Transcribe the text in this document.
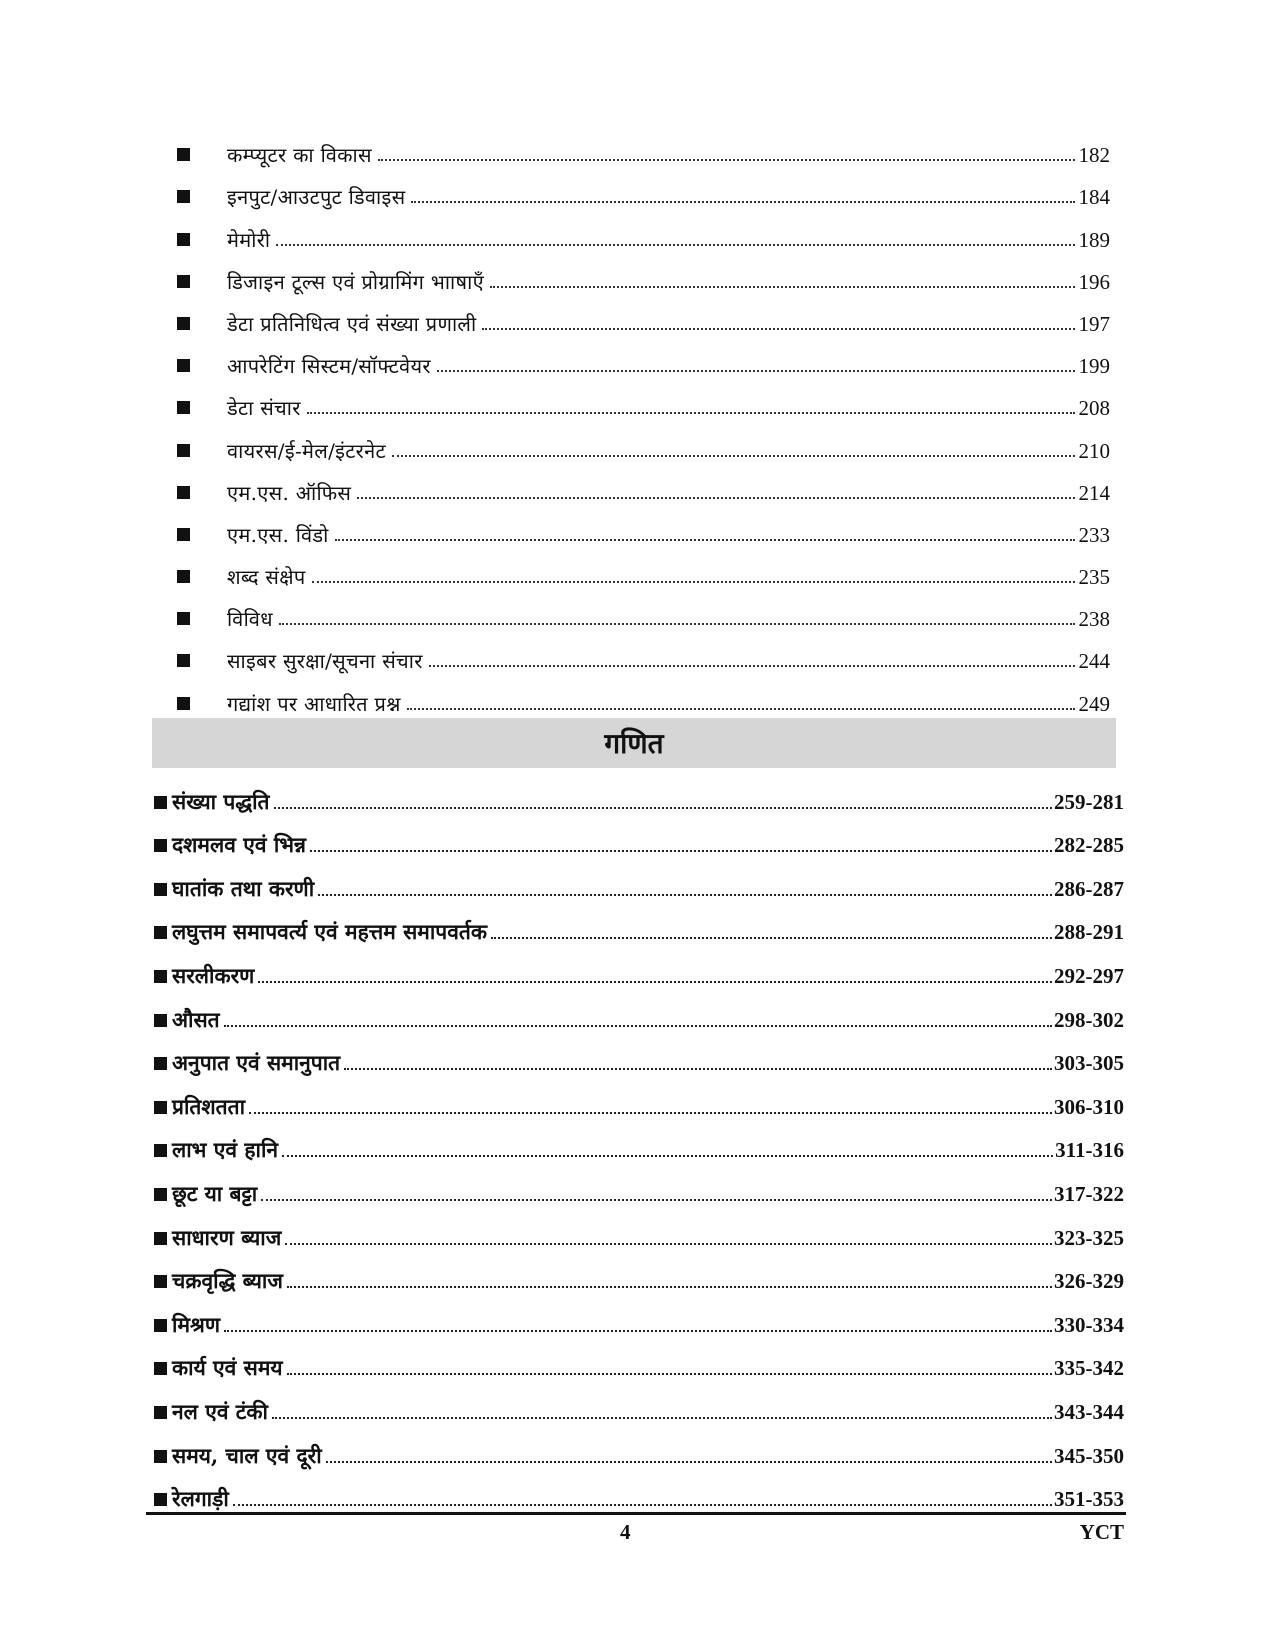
कम्प्यूटर का विकास	182
इनपुट/आउटपुट डिवाइस	184
मेमोरी	189
डिजाइन टूल्स एवं प्रोग्रामिंग भााषाएँ	196
डेटा प्रतिनिधित्व एवं संख्या प्रणाली	197
आपरेटिंग सिस्टम/सॉफ्टवेयर	199
डेटा संचार	208
वायरस/ई-मेल/इंटरनेट	210
एम.एस. ऑफिस	214
एम.एस. विंडो	233
शब्द संक्षेप	235
विविध	238
साइबर सुरक्षा/सूचना संचार	244
गद्यांश पर आधारित प्रश्न	249
गणित
संख्या पद्धति	259-281
दशमलव एवं भिन्न	282-285
घातांक तथा करणी	286-287
लघुत्तम समापवर्त्य एवं महत्तम समापवर्तक	288-291
सरलीकरण	292-297
औसत	298-302
अनुपात एवं समानुपात	303-305
प्रतिशतता	306-310
लाभ एवं हानि	311-316
छूट या बट्टा	317-322
साधारण ब्याज	323-325
चक्रवृद्धि ब्याज	326-329
मिश्रण	330-334
कार्य एवं समय	335-342
नल एवं टंकी	343-344
समय, चाल एवं दूरी	345-350
रेलगाड़ी	351-353
4	YCT
